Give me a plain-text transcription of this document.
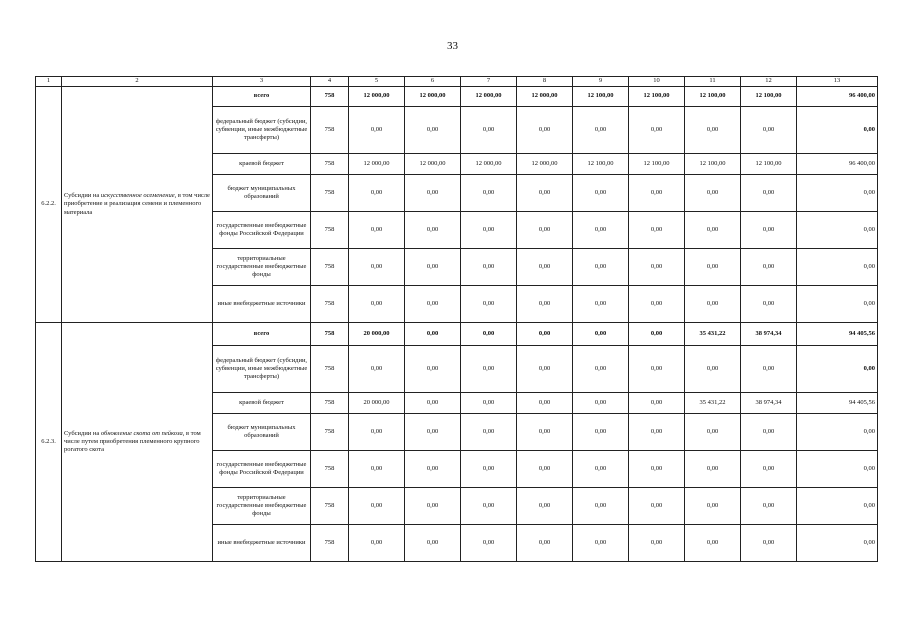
33
1	2	3	4	5	6	7	8	9	10	11	12	13
6.2.2.	Субсидии на искусственное осеменение, в том числе приобретение и реализация семени и племенного материала	всего	758	12 000,00	12 000,00	12 000,00	12 000,00	12 100,00	12 100,00	12 100,00	12 100,00	96 400,00
		федеральный бюджет (субсидии, субвенции, иные межбюджетные трансферты)	758	0,00	0,00	0,00	0,00	0,00	0,00	0,00	0,00	0,00
		краевой бюджет	758	12 000,00	12 000,00	12 000,00	12 000,00	12 100,00	12 100,00	12 100,00	12 100,00	96 400,00
		бюджет муниципальных образований	758	0,00	0,00	0,00	0,00	0,00	0,00	0,00	0,00	0,00
		государственные внебюджетные фонды Российской Федерации	758	0,00	0,00	0,00	0,00	0,00	0,00	0,00	0,00	0,00
		территориальные государственные внебюджетные фонды	758	0,00	0,00	0,00	0,00	0,00	0,00	0,00	0,00	0,00
		иные внебюджетные источники	758	0,00	0,00	0,00	0,00	0,00	0,00	0,00	0,00	0,00
6.2.3.	Субсидии на обновление скота от пейкоза, в том числе путем приобретения племенного крупного рогатого скота	всего	758	20 000,00	0,00	0,00	0,00	0,00	0,00	35 431,22	38 974,34	94 405,56
		федеральный бюджет (субсидии, субвенции, иные межбюджетные трансферты)	758	0,00	0,00	0,00	0,00	0,00	0,00	0,00	0,00	0,00
		краевой бюджет	758	20 000,00	0,00	0,00	0,00	0,00	0,00	35 431,22	38 974,34	94 405,56
		бюджет муниципальных образований	758	0,00	0,00	0,00	0,00	0,00	0,00	0,00	0,00	0,00
		государственные внебюджетные фонды Российской Федерации	758	0,00	0,00	0,00	0,00	0,00	0,00	0,00	0,00	0,00
		территориальные государственные внебюджетные фонды	758	0,00	0,00	0,00	0,00	0,00	0,00	0,00	0,00	0,00
		иные внебюджетные источники	758	0,00	0,00	0,00	0,00	0,00	0,00	0,00	0,00	0,00
